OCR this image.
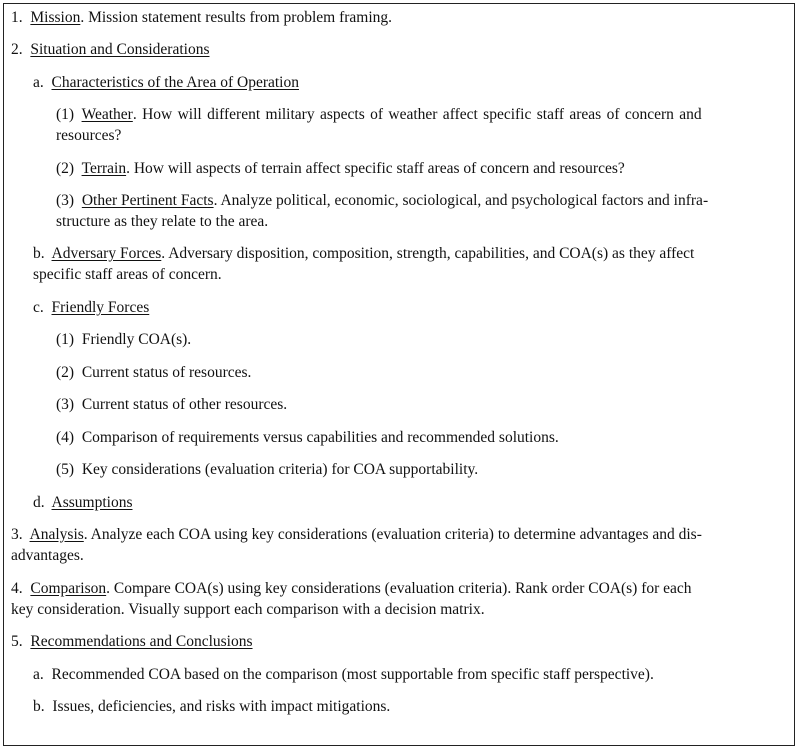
1. Mission. Mission statement results from problem framing.
2. Situation and Considerations
a. Characteristics of the Area of Operation
(1) Weather. How will different military aspects of weather affect specific staff areas of concern and
resources?
(2) Terrain. How will aspects of terrain affect specific staff areas of concern and resources?
(3) Other Pertinent Facts. Analyze political, economic, sociological, and psychological factors and infra-
structure as they relate to the area.
b. Adversary Forces. Adversary disposition, composition, strength, capabilities, and COA(s) as they affect
specific staff areas of concern.
c. Friendly Forces
(1) Friendly COA(s).
(2) Current status of resources.
(3) Current status of other resources.
(4) Comparison of requirements versus capabilities and recommended solutions.
(5) Key considerations (evaluation criteria) for COA supportability.
d. Assumptions
3. Analysis. Analyze each COA using key considerations (evaluation criteria) to determine advantages and dis-
advantages.
4. Comparison. Compare COA(s) using key considerations (evaluation criteria). Rank order COA(s) for each
key consideration. Visually support each comparison with a decision matrix.
5. Recommendations and Conclusions
a. Recommended COA based on the comparison (most supportable from specific staff perspective).
b. Issues, deficiencies, and risks with impact mitigations.
